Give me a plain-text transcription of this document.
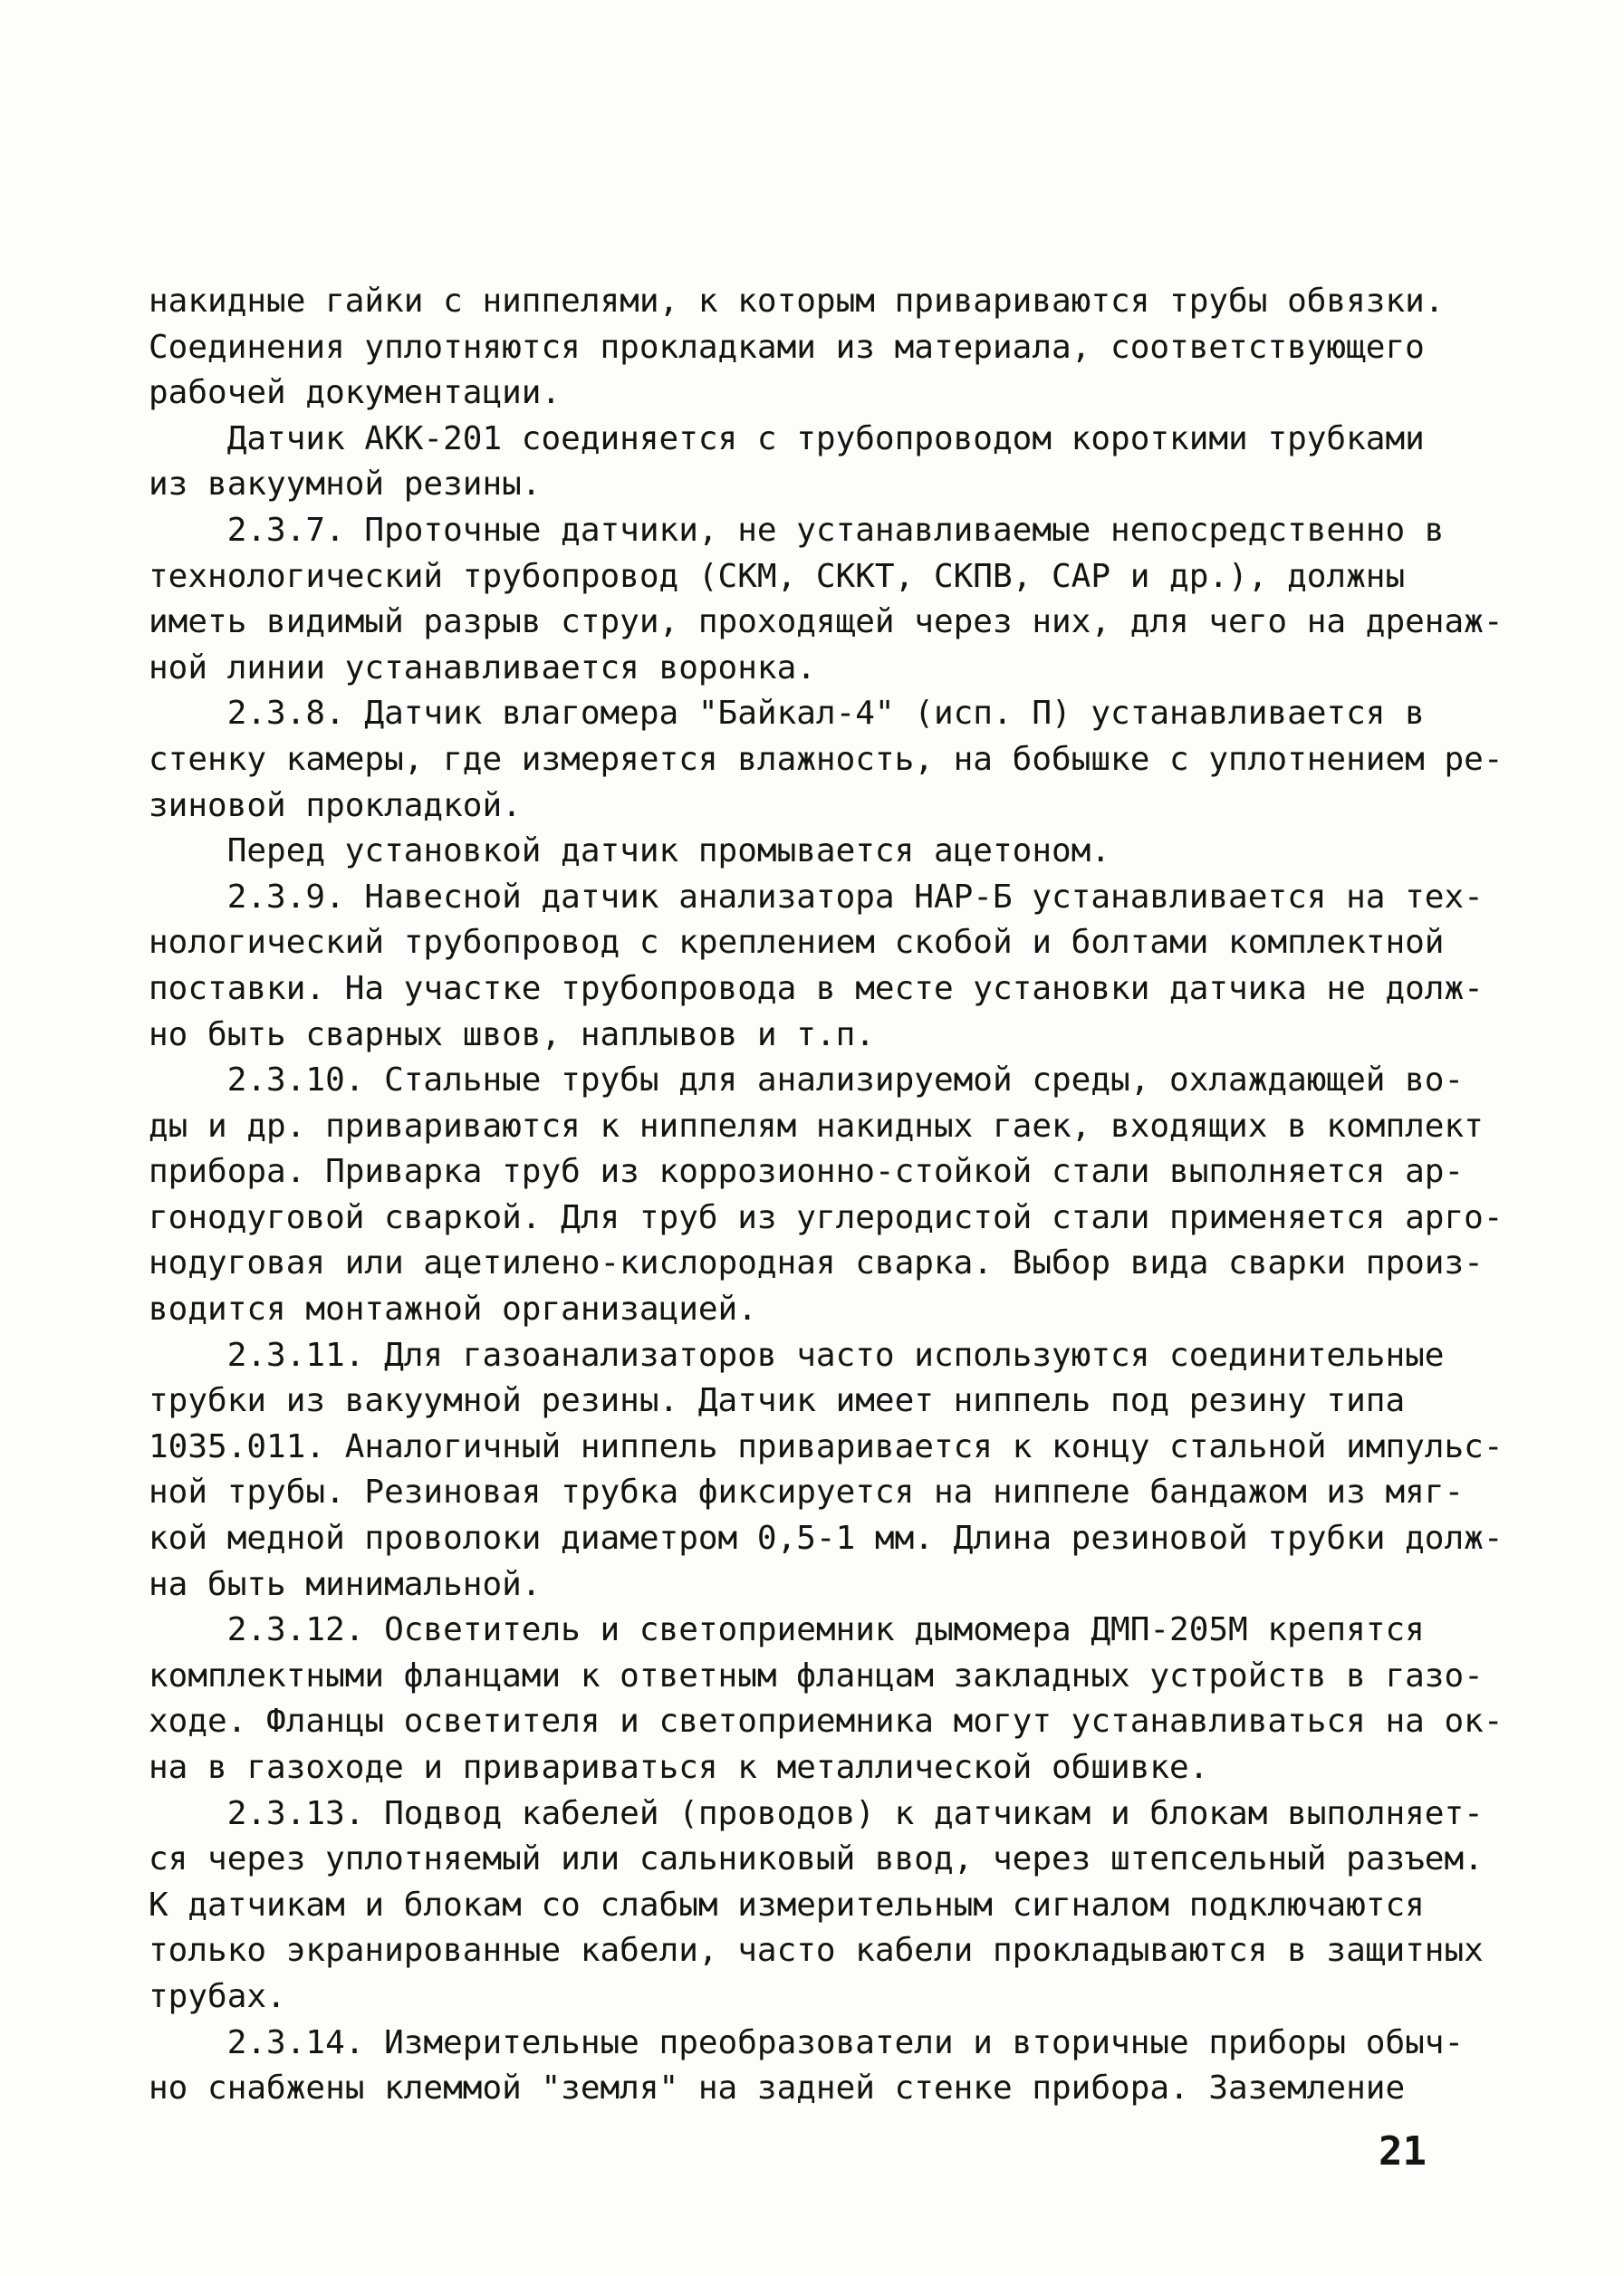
накидные гайки с ниппелями, к которым привариваются трубы обвязки.
Соединения уплотняются прокладками из материала, соответствующего
рабочей документации.
Датчик АКК-201 соединяется с трубопроводом короткими трубками
из вакуумной резины.
2.3.7. Проточные датчики, не устанавливаемые непосредственно в
технологический трубопровод (СКМ, СККТ, СКПВ, САР и др.), должны
иметь видимый разрыв струи, проходящей через них, для чего на дренаж-
ной линии устанавливается воронка.
2.3.8. Датчик влагомера "Байкал-4" (исп. П) устанавливается в
стенку камеры, где измеряется влажность, на бобышке с уплотнением ре-
зиновой прокладкой.
Перед установкой датчик промывается ацетоном.
2.3.9. Навесной датчик анализатора НАР-Б устанавливается на тех-
нологический трубопровод с креплением скобой и болтами комплектной
поставки. На участке трубопровода в месте установки датчика не долж-
но быть сварных швов, наплывов и т.п.
2.3.10. Стальные трубы для анализируемой среды, охлаждающей во-
ды и др. привариваются к ниппелям накидных гаек, входящих в комплект
прибора. Приварка труб из коррозионно-стойкой стали выполняется ар-
гонодуговой сваркой. Для труб из углеродистой стали применяется арго-
нодуговая или ацетилено-кислородная сварка. Выбор вида сварки произ-
водится монтажной организацией.
2.3.11. Для газоанализаторов часто используются соединительные
трубки из вакуумной резины. Датчик имеет ниппель под резину типа
1035.011. Аналогичный ниппель приваривается к концу стальной импульс-
ной трубы. Резиновая трубка фиксируется на ниппеле бандажом из мяг-
кой медной проволоки диаметром 0,5-1 мм. Длина резиновой трубки долж-
на быть минимальной.
2.3.12. Осветитель и светоприемник дымомера ДМП-205М крепятся
комплектными фланцами к ответным фланцам закладных устройств в газо-
ходе. Фланцы осветителя и светоприемника могут устанавливаться на ок-
на в газоходе и привариваться к металлической обшивке.
2.3.13. Подвод кабелей (проводов) к датчикам и блокам выполняет-
ся через уплотняемый или сальниковый ввод, через штепсельный разъем.
К датчикам и блокам со слабым измерительным сигналом подключаются
только экранированные кабели, часто кабели прокладываются в защитных
трубах.
2.3.14. Измерительные преобразователи и вторичные приборы обыч-
но снабжены клеммой "земля" на задней стенке прибора. Заземление
21
